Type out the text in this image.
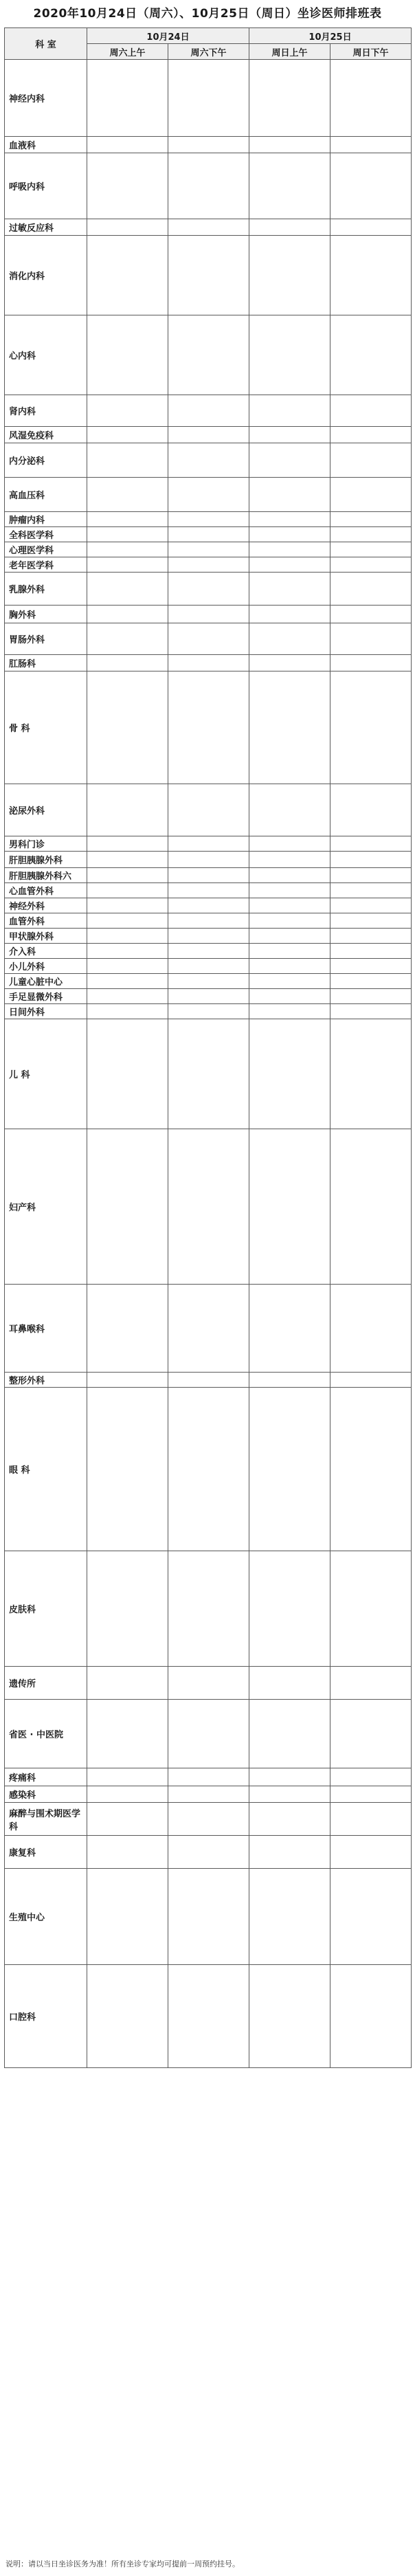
2020年10月24日（周六）、10月25日（周日）坐诊医师排班表
科 室	10月24日		10月25日	
	周六上午	周六下午	周日上午	周日下午
神经内科				
血液科				
呼吸内科				
过敏反应科				
消化内科				
心内科				
肾内科				
风湿免疫科				
内分泌科				
高血压科				
肿瘤内科				
全科医学科				
心理医学科				
老年医学科				
乳腺外科				
胸外科				
胃肠外科				
肛肠科				
骨 科				
泌尿外科				
男科门诊				
肝胆胰腺外科				
肝胆胰腺外科六				
心血管外科				
神经外科				
血管外科				
甲状腺外科				
介入科				
小儿外科				
儿童心脏中心				
手足显微外科				
日间外科				
儿 科				
妇产科				
耳鼻喉科				
整形外科				
眼 科				
皮肤科				
遗传所				
省医 · 中医院				
疼痛科				
感染科				
麻醉与围术期医学科				
康复科				
生殖中心				
口腔科				
说明：请以当日坐诊医务为准！所有坐诊专家均可提前一周预约挂号。
